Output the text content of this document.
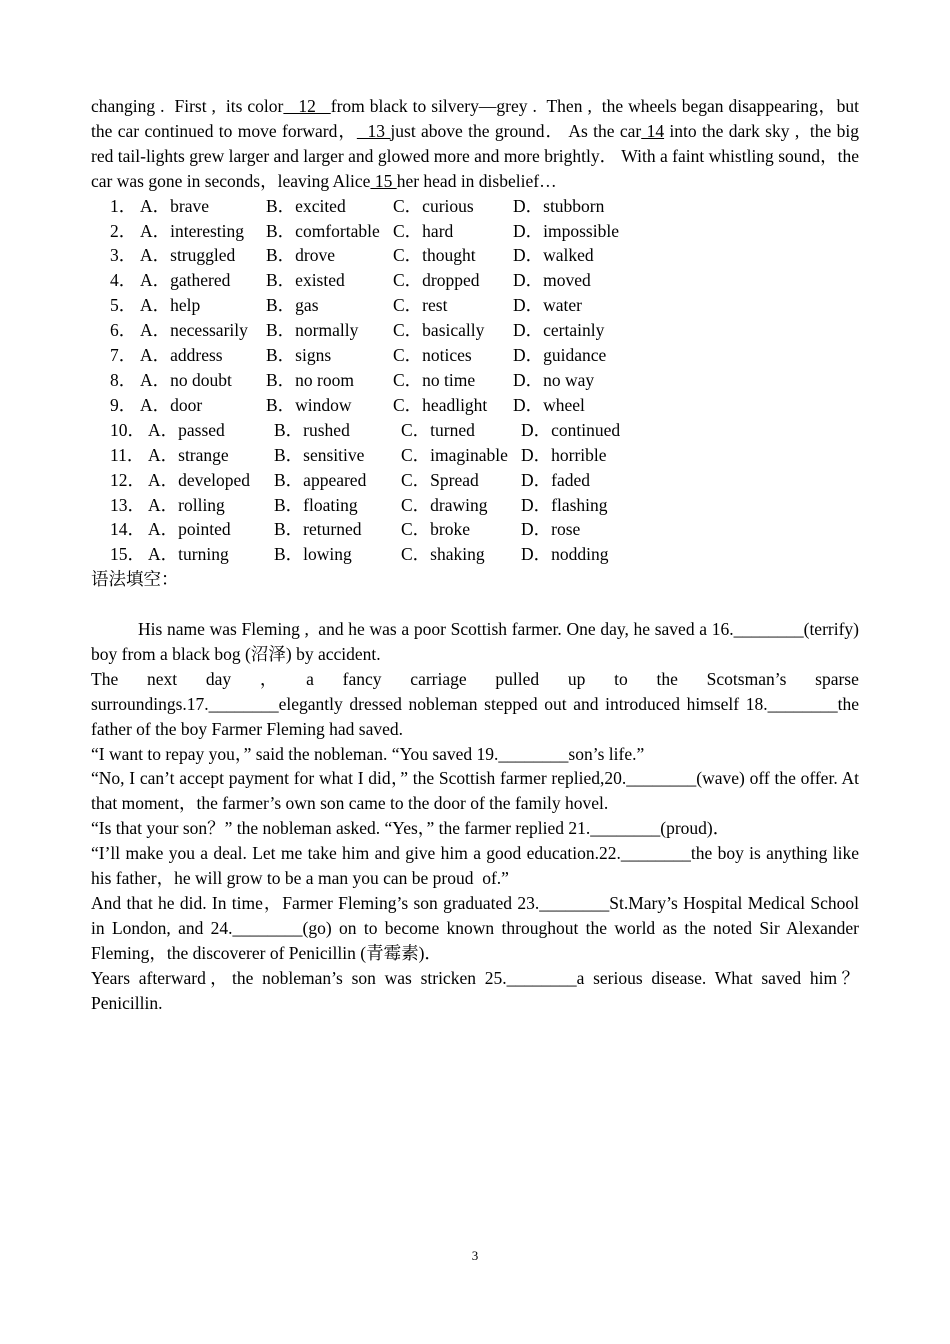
changing .  First ,  its color   12   from black to silvery—grey .  Then ,  the wheels began disappearing，but the car continued to move forward，  13 just above the ground． As the car 14 into the dark sky ,  the big red tail-lights grew larger and larger and glowed more and more brightly． With a faint whistling sound，the car was gone in seconds，leaving Alice 15 her head in disbelief…

1． A．brave	B．excited	C．curious	D．stubborn
2． A．interesting	B．comfortable C．hard	D．impossible
3． A．struggled	B．drove	C．thought	D．walked
4． A．gathered	B．existed	C．dropped	D．moved
5． A．help	B．gas	C．rest	D．water
6． A．necessarily	B．normally	C．basically	D．certainly
7． A．address	B．signs	C．notices	D．guidance
8． A．no doubt	B．no room	C．no time	D．no way
9． A．door	B．window	C．headlight	D．wheel
10． A．passed	B．rushed	C．turned	D．continued
11． A．strange	B．sensitive	C．imaginable D．horrible
12． A．developed	B．appeared	C．Spread	D．faded
13． A．rolling	B．floating	C．drawing	D．flashing
14． A．pointed	B．returned	C．broke	D．rose
15． A．turning	B．lowing	C．shaking	D．nodding

语法填空：

His name was Fleming ,  and he was a poor Scottish farmer. One day, he saved a 16.________(terrify) boy from a black bog (沼泽) by accident.

The next day ， a fancy carriage pulled up to the Scotsman’s sparse

surroundings.17.________elegantly dressed nobleman stepped out and introduced himself 18.________the father of the boy Farmer Fleming had saved.

“I want to repay you，” said the nobleman. “You saved 19.________son’s life.”

“No, I can’t accept payment for what I did，” the Scottish farmer replied,20.________(wave) off the offer. At that moment，the farmer’s own son came to the door of the family hovel.

“Is that your son？” the nobleman asked. “Yes，” the farmer replied 21.________(proud)．

“I’ll make you a deal. Let me take him and give him a good education.22.________the boy is anything like his father，he will grow to be a man you can be proud  of.”

And that he did. In time，Farmer Fleming’s son graduated 23.________St.Mary’s Hospital Medical School in London, and 24.________(go) on to become known throughout the world as the noted Sir Alexander Fleming，the discoverer of Penicillin (青霉素)．

Years afterward，the nobleman’s son was stricken 25.________a serious disease. What saved him？ Penicillin.

3
